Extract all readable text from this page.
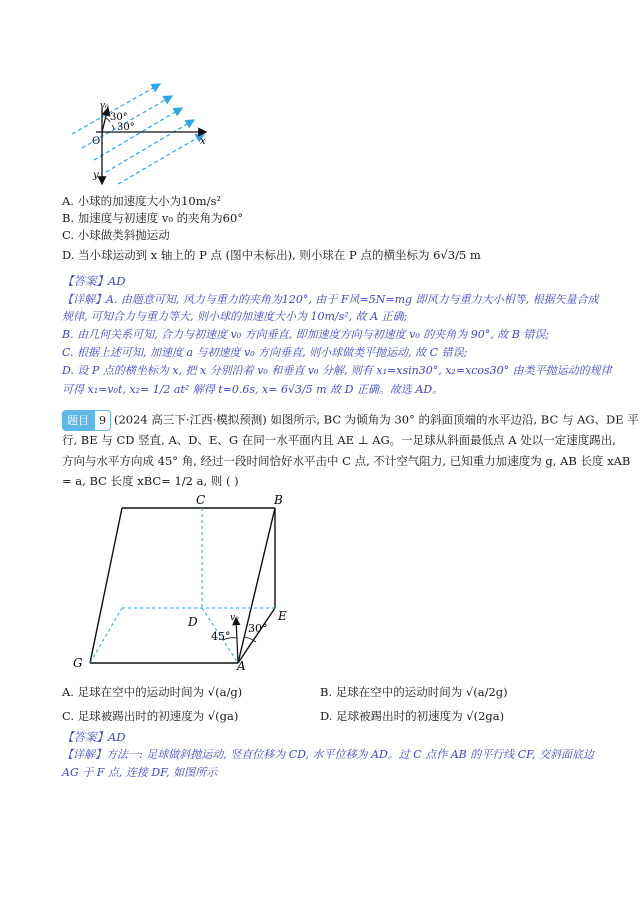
v₀
30°
30°
O	x
y
A. 小球的加速度大小为10m/s²
B. 加速度与初速度 v₀ 的夹角为60°
C. 小球做类斜抛运动
D. 当小球运动到 x 轴上的 P 点 (图中未标出), 则小球在 P 点的横坐标为 6√3/5 m
【答案】AD
【详解】A. 由题意可知, 风力与重力的夹角为120°, 由于 F风=5N=mg 即风力与重力大小相等, 根据矢量合成
规律, 可知合力与重力等大, 则小球的加速度大小为 10m/s², 故 A 正确;
B. 由几何关系可知, 合力与初速度 v₀ 方向垂直, 即加速度方向与初速度 v₀ 的夹角为 90°, 故 B 错误;
C. 根据上述可知, 加速度 a 与初速度 v₀ 方向垂直, 则小球做类平抛运动, 故 C 错误;
D. 设 P 点的横坐标为 x, 把 x 分别沿着 v₀ 和垂直 v₀ 分解, 则有 x₁=xsin30°, x₂=xcos30° 由类平抛运动的规律
可得 x₁=v₀t, x₂= 1/2 at² 解得 t=0.6s, x= 6√3/5 m 故 D 正确。故选 AD。
题目 9 (2024 高三下·江西·模拟预测) 如图所示, BC 为倾角为 30° 的斜面顶端的水平边沿, BC 与 AG、DE 平
行, BE 与 CD 竖直, A、D、E、G 在同一水平面内且 AE ⊥ AG。一足球从斜面最低点 A 处以一定速度踢出,
方向与水平方向成 45° 角, 经过一段时间恰好水平击中 C 点, 不计空气阻力, 已知重力加速度为 g, AB 长度 xAB
= a, BC 长度 xBC= 1/2 a, 则 ( )
C	B
D	E
G	A
v₀
45°
30°
A. 足球在空中的运动时间为 √(a/g)	B. 足球在空中的运动时间为 √(a/2g)
C. 足球被踢出时的初速度为 √(ga)	D. 足球被踢出时的初速度为 √(2ga)
【答案】AD
【详解】方法一: 足球做斜抛运动, 竖直位移为 CD, 水平位移为 AD。过 C 点作 AB 的平行线 CF, 交斜面底边
AG 于 F 点, 连接 DF, 如图所示
